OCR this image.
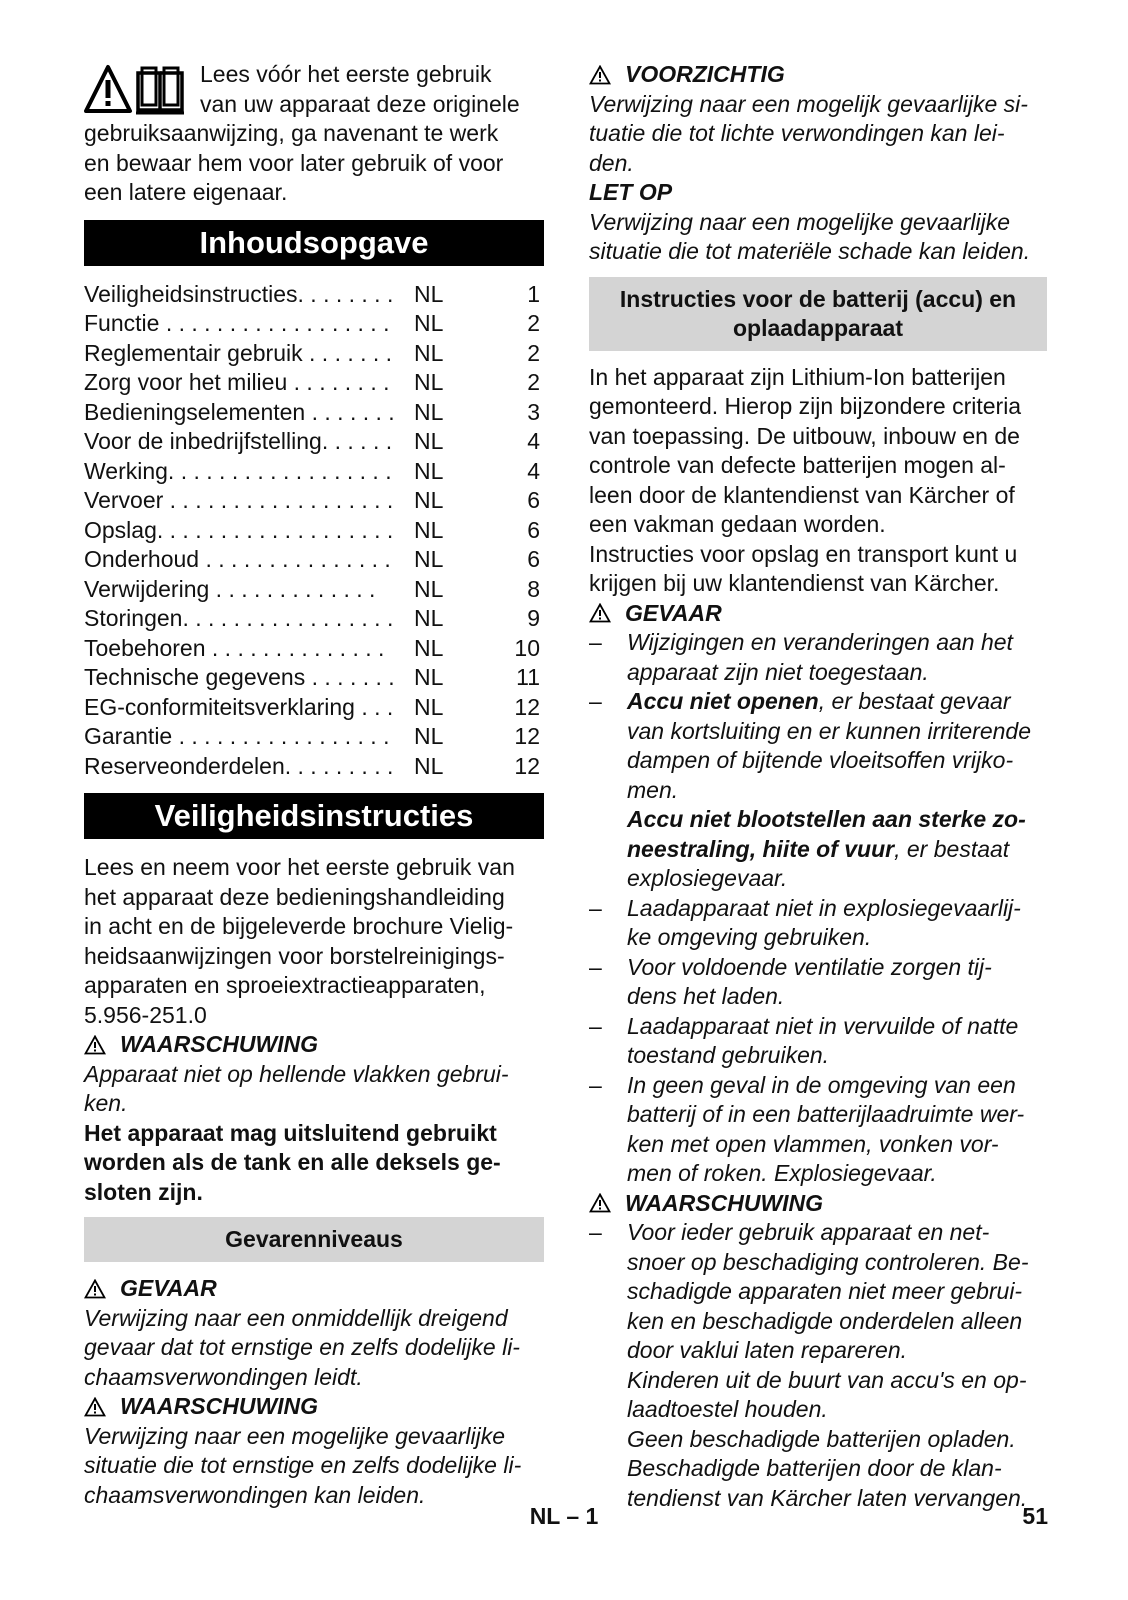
Lees vóór het eerste gebruik

van uw apparaat deze originele

gebruiksaanwijzing, ga navenant te werk

en bewaar hem voor later gebruik of voor

een latere eigenaar.

Inhoudsopgave
Veiligheidsinstructies. . . . . . . . NL	1
Functie . . . . . . . . . . . . . . . . . .	NL	2
Reglementair gebruik . . . . . . . NL	2
Zorg voor het milieu . . . . . . . .	NL	2
Bedieningselementen . . . . . . . NL	3
Voor de inbedrijfstelling. . . . . . NL	4
Werking. . . . . . . . . . . . . . . . . . NL	4
Vervoer . . . . . . . . . . . . . . . . . . NL	6
Opslag. . . . . . . . . . . . . . . . . . . NL	6
Onderhoud . . . . . . . . . . . . . . .	NL	6
Verwijdering . . . . . . . . . . . . .	NL	8
Storingen. . . . . . . . . . . . . . . . . NL	9
Toebehoren . . . . . . . . . . . . . .	NL	10
Technische gegevens . . . . . . . NL	11
EG-conformiteitsverklaring . . . NL	12
Garantie . . . . . . . . . . . . . . . . .	NL	12
Reserveonderdelen. . . . . . . . . NL	12
Veiligheidsinstructies

Lees en neem voor het eerste gebruik van

het apparaat deze bedieningshandleiding

in acht en de bijgeleverde brochure Vielig-

heidsaanwijzingen voor borstelreinigings-

apparaten en sproeiextractieapparaten,

5.956-251.0

WAARSCHUWING

Apparaat niet op hellende vlakken gebrui-

ken.

Het apparaat mag uitsluitend gebruikt

worden als de tank en alle deksels ge-

sloten zijn.

Gevarenniveaus
GEVAAR

Verwijzing naar een onmiddellijk dreigend

gevaar dat tot ernstige en zelfs dodelijke li-

chaamsverwondingen leidt.

WAARSCHUWING

Verwijzing naar een mogelijke gevaarlijke

situatie die tot ernstige en zelfs dodelijke li-

chaamsverwondingen kan leiden.

VOORZICHTIG

Verwijzing naar een mogelijk gevaarlijke si-

tuatie die tot lichte verwondingen kan lei-

den.

LET OP

Verwijzing naar een mogelijke gevaarlijke

situatie die tot materiële schade kan leiden.

Instructies voor de batterij (accu) en
oplaadapparaat

In het apparaat zijn Lithium-Ion batterijen

gemonteerd. Hierop zijn bijzondere criteria

van toepassing. De uitbouw, inbouw en de

controle van defecte batterijen mogen al-

leen door de klantendienst van Kärcher of

een vakman gedaan worden.

Instructies voor opslag en transport kunt u

krijgen bij uw klantendienst van Kärcher.

GEVAAR
–	Wijzigingen en veranderingen aan het
apparaat zijn niet toegestaan.
–	Accu niet openen, er bestaat gevaar
van kortsluiting en er kunnen irriterende
dampen of bijtende vloeitsoffen vrijko-
men.
Accu niet blootstellen aan sterke zo-
neestraling, hiite of vuur, er bestaat
explosiegevaar.
–	Laadapparaat niet in explosiegevaarlij-
ke omgeving gebruiken.
–	Voor voldoende ventilatie zorgen tij-
dens het laden.
–	Laadapparaat niet in vervuilde of natte
toestand gebruiken.
–	In geen geval in de omgeving van een
batterij of in een batterijlaadruimte wer-
ken met open vlammen, vonken vor-
men of roken. Explosiegevaar.
WAARSCHUWING
–	Voor ieder gebruik apparaat en net-
snoer op beschadiging controleren. Be-
schadigde apparaten niet meer gebrui-
ken en beschadigde onderdelen alleen
door vaklui laten repareren.
Kinderen uit de buurt van accu's en op-
laadtoestel houden.
Geen beschadigde batterijen opladen.
Beschadigde batterijen door de klan-
tendienst van Kärcher laten vervangen.
NL – 1	51
